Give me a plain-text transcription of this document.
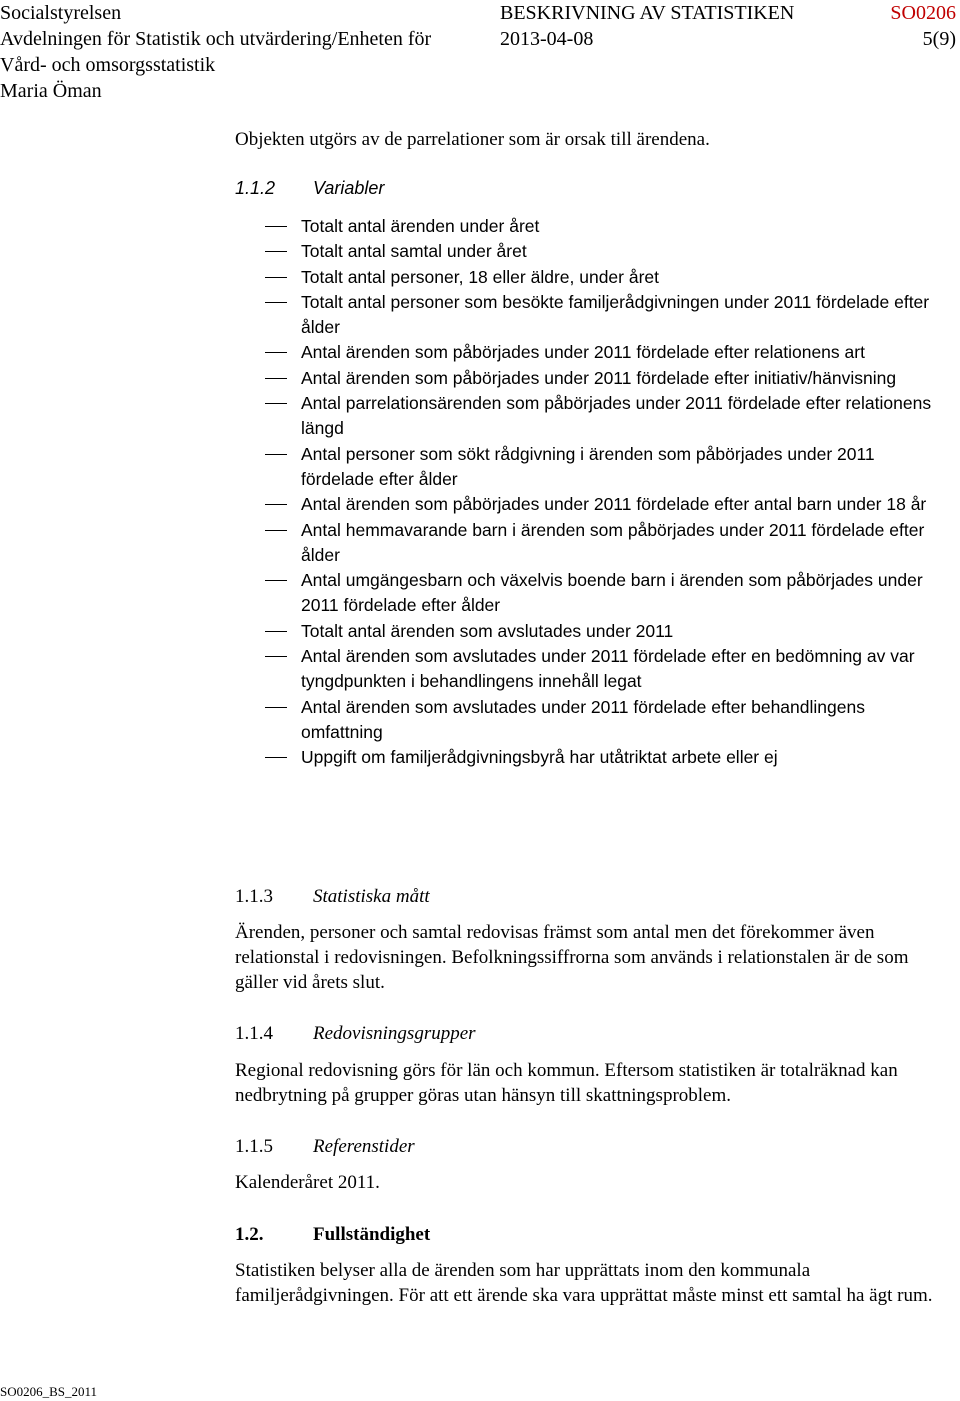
Socialstyrelsen
Avdelningen för Statistik och utvärdering/Enheten för
Vård- och omsorgsstatistik
Maria Öman
BESKRIVNING AV STATISTIKEN
2013-04-08
SO0206
5(9)

Objekten utgörs av de parrelationer som är orsak till ärendena.

1.1.2 Variabler
Totalt antal ärenden under året
Totalt antal samtal under året
Totalt antal personer, 18 eller äldre, under året
Totalt antal personer som besökte familjerådgivningen under 2011 fördelade efter ålder
Antal ärenden som påbörjades under 2011 fördelade efter relationens art
Antal ärenden som påbörjades under 2011 fördelade efter initiativ/hänvisning
Antal parrelationsärenden som påbörjades under 2011 fördelade efter relationens längd
Antal personer som sökt rådgivning i ärenden som påbörjades under 2011 fördelade efter ålder
Antal ärenden som påbörjades under 2011 fördelade efter antal barn under 18 år
Antal hemmavarande barn i ärenden som påbörjades under 2011 fördelade efter ålder
Antal umgängesbarn och växelvis boende barn i ärenden som påbörjades under 2011 fördelade efter ålder
Totalt antal ärenden som avslutades under 2011
Antal ärenden som avslutades under 2011 fördelade efter en bedömning av var tyngdpunkten i behandlingens innehåll legat
Antal ärenden som avslutades under 2011 fördelade efter behandlingens omfattning
Uppgift om familjerådgivningsbyrå har utåtriktat arbete eller ej
1.1.3 Statistiska mått

Ärenden, personer och samtal redovisas främst som antal men det förekommer även relationstal i redovisningen. Befolkningssiffrorna som används i relationstalen är de som gäller vid årets slut.

1.1.4 Redovisningsgrupper

Regional redovisning görs för län och kommun. Eftersom statistiken är totalräknad kan nedbrytning på grupper göras utan hänsyn till skattningsproblem.

1.1.5 Referenstider

Kalenderåret 2011.

1.2.	Fullständighet

Statistiken belyser alla de ärenden som har upprättats inom den kommunala familjerådgivningen. För att ett ärende ska vara upprättat måste minst ett samtal ha ägt rum.

SO0206_BS_2011
